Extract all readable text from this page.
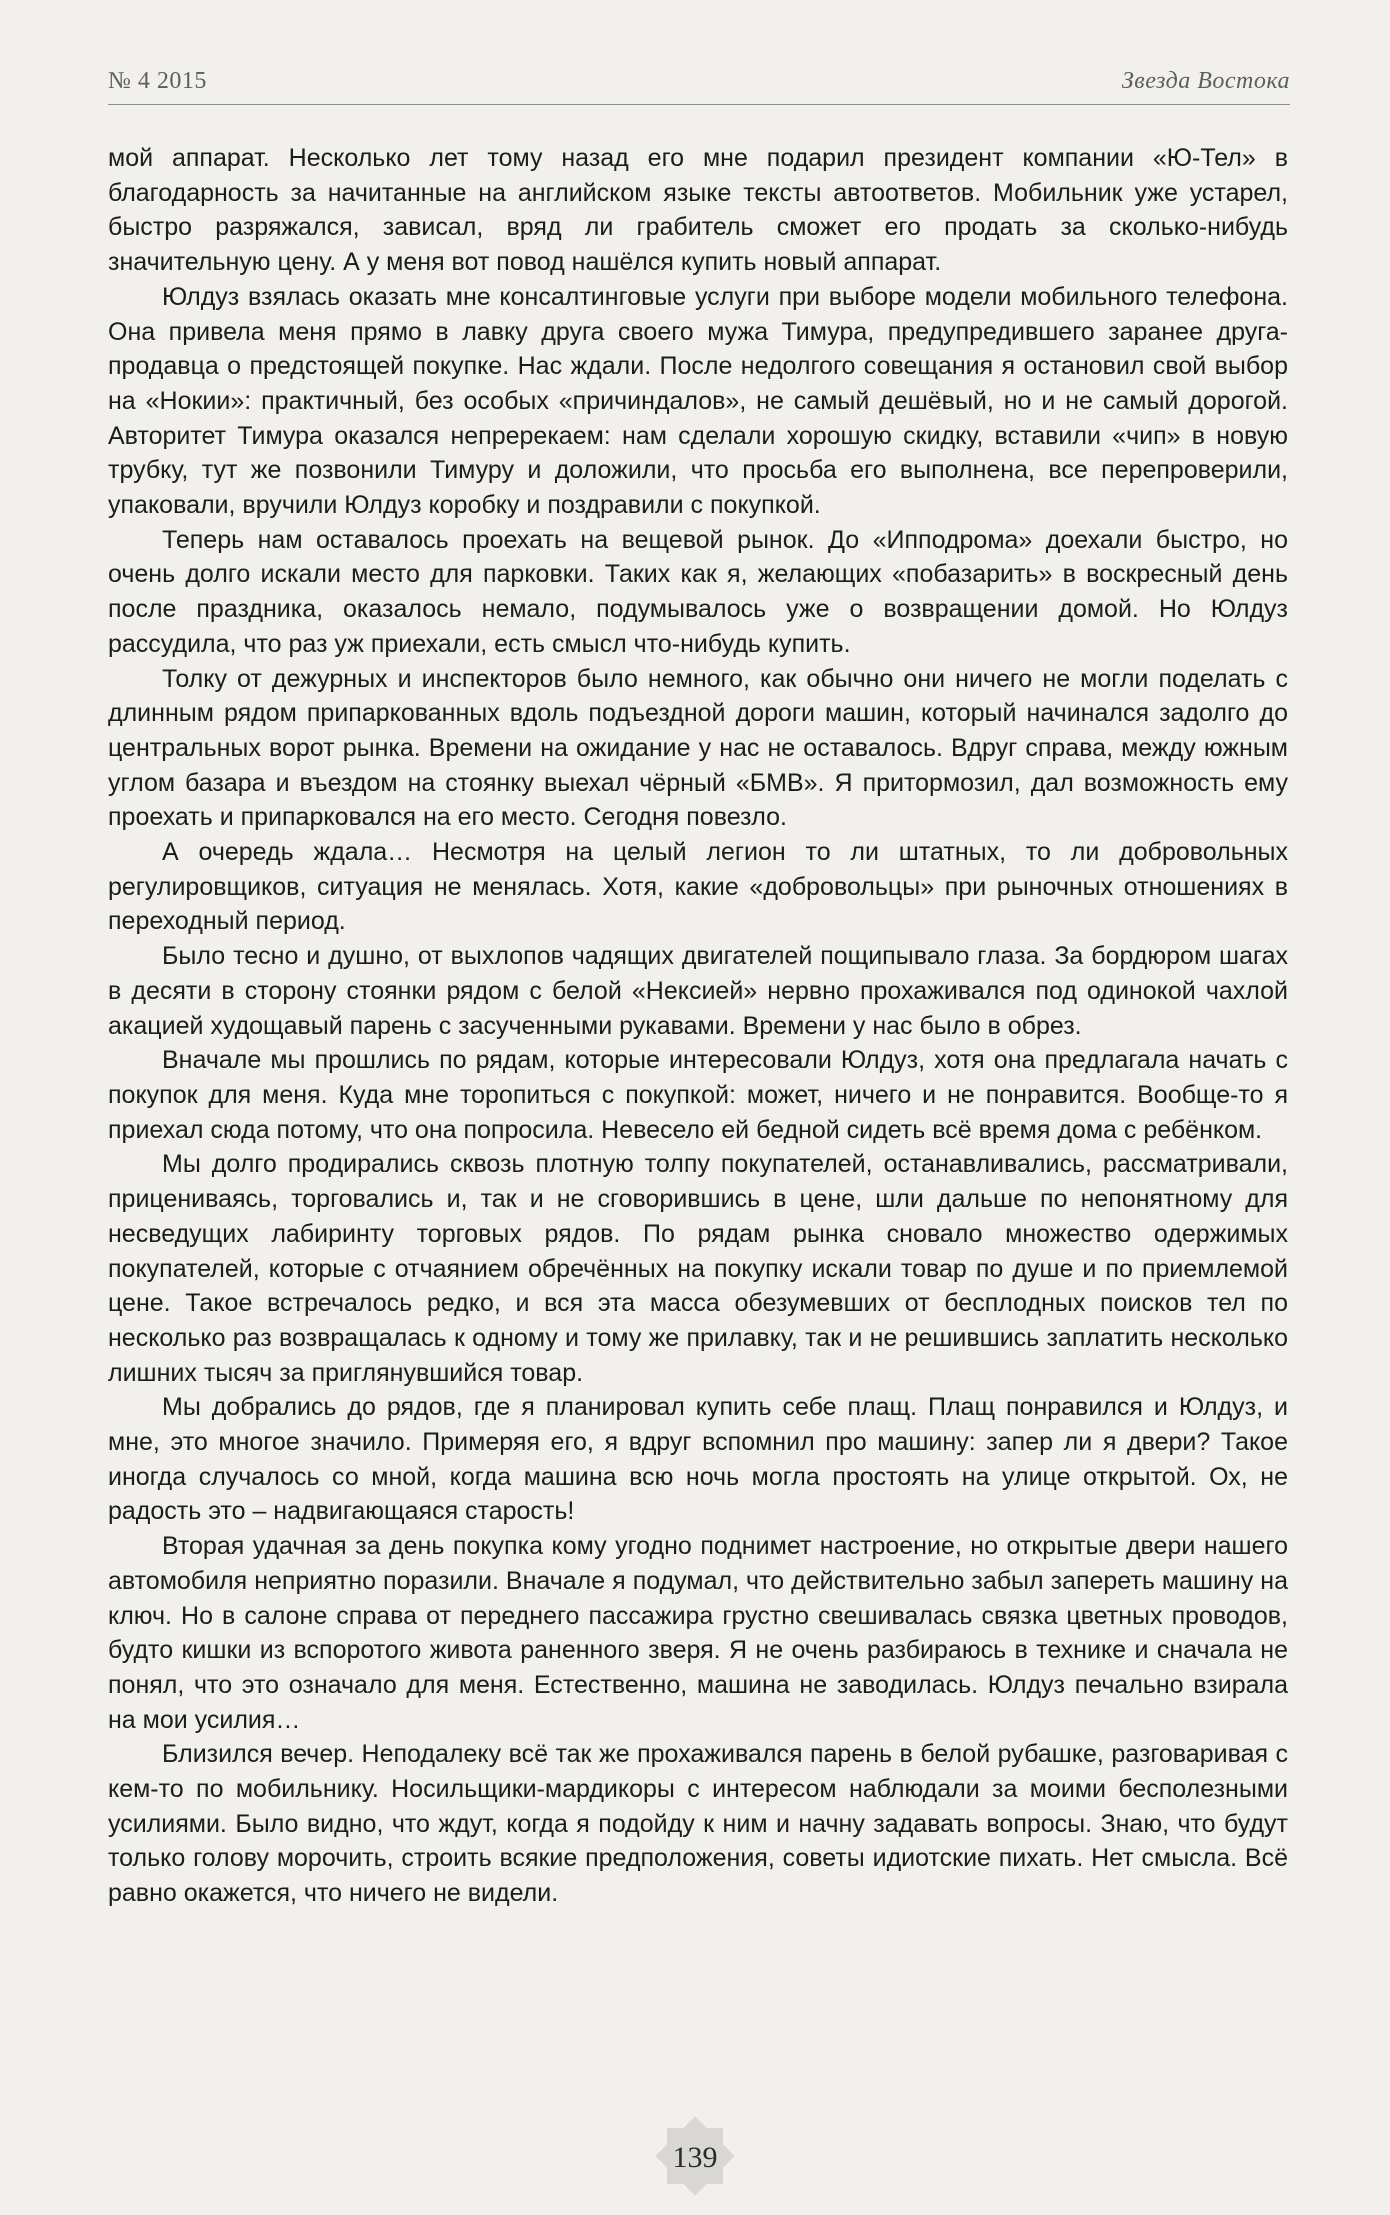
№ 4 2015	Звезда Востока

мой аппарат. Несколько лет тому назад его мне подарил президент компании «Ю-Тел» в благодарность за начитанные на английском языке тексты автоответов. Мобильник уже устарел, быстро разряжался, зависал, вряд ли грабитель сможет его продать за сколько-нибудь значительную цену. А у меня вот повод нашёлся купить новый аппарат.

Юлдуз взялась оказать мне консалтинговые услуги при выборе модели мобильного телефона. Она привела меня прямо в лавку друга своего мужа Тимура, предупредившего заранее друга-продавца о предстоящей покупке. Нас ждали. После недолгого совещания я остановил свой выбор на «Нокии»: практичный, без особых «причиндалов», не самый дешёвый, но и не самый дорогой. Авторитет Тимура оказался непререкаем: нам сделали хорошую скидку, вставили «чип» в новую трубку, тут же позвонили Тимуру и доложили, что просьба его выполнена, все перепроверили, упаковали, вручили Юлдуз коробку и поздравили с покупкой.

Теперь нам оставалось проехать на вещевой рынок. До «Ипподрома» доехали быстро, но очень долго искали место для парковки. Таких как я, желающих «побазарить» в воскресный день после праздника, оказалось немало, подумывалось уже о возвращении домой. Но Юлдуз рассудила, что раз уж приехали, есть смысл что-нибудь купить.

Толку от дежурных и инспекторов было немного, как обычно они ничего не могли поделать с длинным рядом припаркованных вдоль подъездной дороги машин, который начинался задолго до центральных ворот рынка. Времени на ожидание у нас не оставалось. Вдруг справа, между южным углом базара и въездом на стоянку выехал чёрный «БМВ». Я притормозил, дал возможность ему проехать и припарковался на его место. Сегодня повезло.

А очередь ждала… Несмотря на целый легион то ли штатных, то ли добровольных регулировщиков, ситуация не менялась. Хотя, какие «добровольцы» при рыночных отношениях в переходный период.

Было тесно и душно, от выхлопов чадящих двигателей пощипывало глаза. За бордюром шагах в десяти в сторону стоянки рядом с белой «Нексией» нервно прохаживался под одинокой чахлой акацией худощавый парень с засученными рукавами. Времени у нас было в обрез.

Вначале мы прошлись по рядам, которые интересовали Юлдуз, хотя она предлагала начать с покупок для меня. Куда мне торопиться с покупкой: может, ничего и не понравится. Вообще-то я приехал сюда потому, что она попросила. Невесело ей бедной сидеть всё время дома с ребёнком.

Мы долго продирались сквозь плотную толпу покупателей, останавливались, рассматривали, прицениваясь, торговались и, так и не сговорившись в цене, шли дальше по непонятному для несведущих лабиринту торговых рядов. По рядам рынка сновало множество одержимых покупателей, которые с отчаянием обречённых на покупку искали товар по душе и по приемлемой цене. Такое встречалось редко, и вся эта масса обезумевших от бесплодных поисков тел по несколько раз возвращалась к одному и тому же прилавку, так и не решившись заплатить несколько лишних тысяч за приглянувшийся товар.

Мы добрались до рядов, где я планировал купить себе плащ. Плащ понравился и Юлдуз, и мне, это многое значило. Примеряя его, я вдруг вспомнил про машину: запер ли я двери? Такое иногда случалось со мной, когда машина всю ночь могла простоять на улице открытой. Ох, не радость это – надвигающаяся старость!

Вторая удачная за день покупка кому угодно поднимет настроение, но открытые двери нашего автомобиля неприятно поразили. Вначале я подумал, что действительно забыл запереть машину на ключ. Но в салоне справа от переднего пассажира грустно свешивалась связка цветных проводов, будто кишки из вспоротого живота раненного зверя. Я не очень разбираюсь в технике и сначала не понял, что это означало для меня. Естественно, машина не заводилась. Юлдуз печально взирала на мои усилия…

Близился вечер. Неподалеку всё так же прохаживался парень в белой рубашке, разговаривая с кем-то по мобильнику. Носильщики-мардикоры с интересом наблюдали за моими бесполезными усилиями. Было видно, что ждут, когда я подойду к ним и начну задавать вопросы. Знаю, что будут только голову морочить, строить всякие предположения, советы идиотские пихать. Нет смысла. Всё равно окажется, что ничего не видели.

139
